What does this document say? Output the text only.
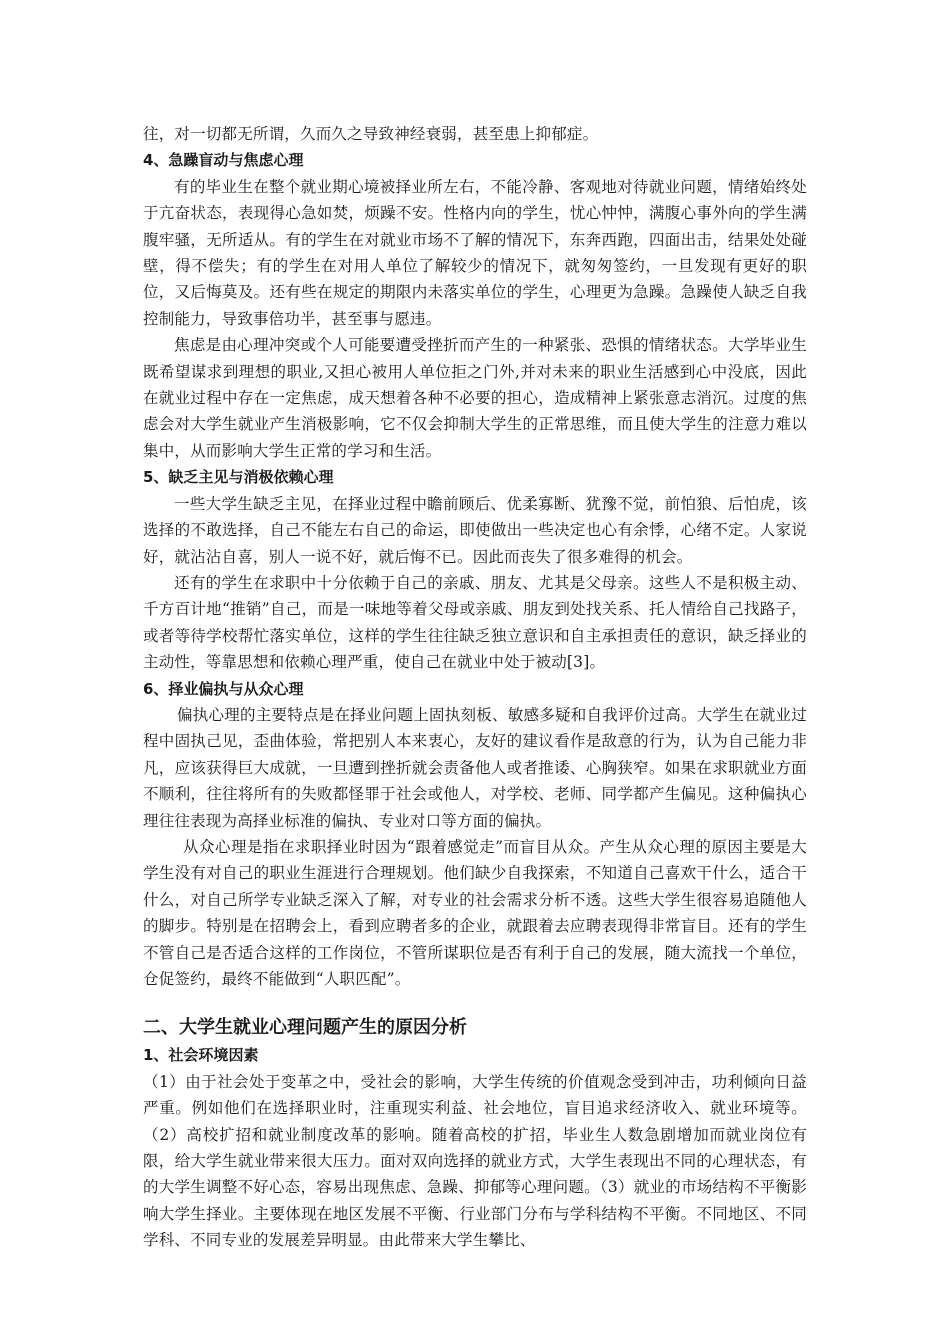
往，对一切都无所谓，久而久之导致神经衰弱，甚至患上抑郁症。

4、急躁盲动与焦虑心理

有的毕业生在整个就业期心境被择业所左右，不能冷静、客观地对待就业问题，情绪始终处于亢奋状态，表现得心急如焚，烦躁不安。性格内向的学生，忧心忡忡，满腹心事外向的学生满腹牢骚，无所适从。有的学生在对就业市场不了解的情况下，东奔西跑，四面出击，结果处处碰壁，得不偿失；有的学生在对用人单位了解较少的情况下，就匆匆签约，一旦发现有更好的职位，又后悔莫及。还有些在规定的期限内未落实单位的学生，心理更为急躁。急躁使人缺乏自我控制能力，导致事倍功半，甚至事与愿违。

焦虑是由心理冲突或个人可能要遭受挫折而产生的一种紧张、恐惧的情绪状态。大学毕业生既希望谋求到理想的职业,又担心被用人单位拒之门外,并对未来的职业生活感到心中没底，因此在就业过程中存在一定焦虑，成天想着各种不必要的担心，造成精神上紧张意志消沉。过度的焦虑会对大学生就业产生消极影响，它不仅会抑制大学生的正常思维，而且使大学生的注意力难以集中，从而影响大学生正常的学习和生活。

5、缺乏主见与消极依赖心理

一些大学生缺乏主见，在择业过程中瞻前顾后、优柔寡断、犹豫不觉，前怕狼、后怕虎，该选择的不敢选择，自己不能左右自己的命运，即使做出一些决定也心有余悸，心绪不定。人家说好，就沾沾自喜，别人一说不好，就后悔不已。因此而丧失了很多难得的机会。

还有的学生在求职中十分依赖于自己的亲戚、朋友、尤其是父母亲。这些人不是积极主动、千方百计地“推销”自己，而是一味地等着父母或亲戚、朋友到处找关系、托人情给自己找路子，或者等待学校帮忙落实单位，这样的学生往往缺乏独立意识和自主承担责任的意识，缺乏择业的主动性，等靠思想和依赖心理严重，使自己在就业中处于被动[3]。

6、择业偏执与从众心理

偏执心理的主要特点是在择业问题上固执刻板、敏感多疑和自我评价过高。大学生在就业过程中固执己见，歪曲体验，常把别人本来衷心，友好的建议看作是敌意的行为，认为自己能力非凡，应该获得巨大成就，一旦遭到挫折就会责备他人或者推诿、心胸狭窄。如果在求职就业方面不顺利，往往将所有的失败都怪罪于社会或他人，对学校、老师、同学都产生偏见。这种偏执心理往往表现为高择业标准的偏执、专业对口等方面的偏执。

从众心理是指在求职择业时因为“跟着感觉走”而盲目从众。产生从众心理的原因主要是大学生没有对自己的职业生涯进行合理规划。他们缺少自我探索，不知道自己喜欢干什么，适合干什么，对自己所学专业缺乏深入了解，对专业的社会需求分析不透。这些大学生很容易追随他人的脚步。特别是在招聘会上，看到应聘者多的企业，就跟着去应聘表现得非常盲目。还有的学生不管自己是否适合这样的工作岗位，不管所谋职位是否有利于自己的发展，随大流找一个单位，仓促签约，最终不能做到“人职匹配”。

二、大学生就业心理问题产生的原因分析
1、社会环境因素

（1）由于社会处于变革之中，受社会的影响，大学生传统的价值观念受到冲击，功利倾向日益严重。例如他们在选择职业时，注重现实利益、社会地位，盲目追求经济收入、就业环境等。（2）高校扩招和就业制度改革的影响。随着高校的扩招，毕业生人数急剧增加而就业岗位有限，给大学生就业带来很大压力。面对双向选择的就业方式，大学生表现出不同的心理状态，有的大学生调整不好心态，容易出现焦虑、急躁、抑郁等心理问题。（3）就业的市场结构不平衡影响大学生择业。主要体现在地区发展不平衡、行业部门分布与学科结构不平衡。不同地区、不同学科、不同专业的发展差异明显。由此带来大学生攀比、
